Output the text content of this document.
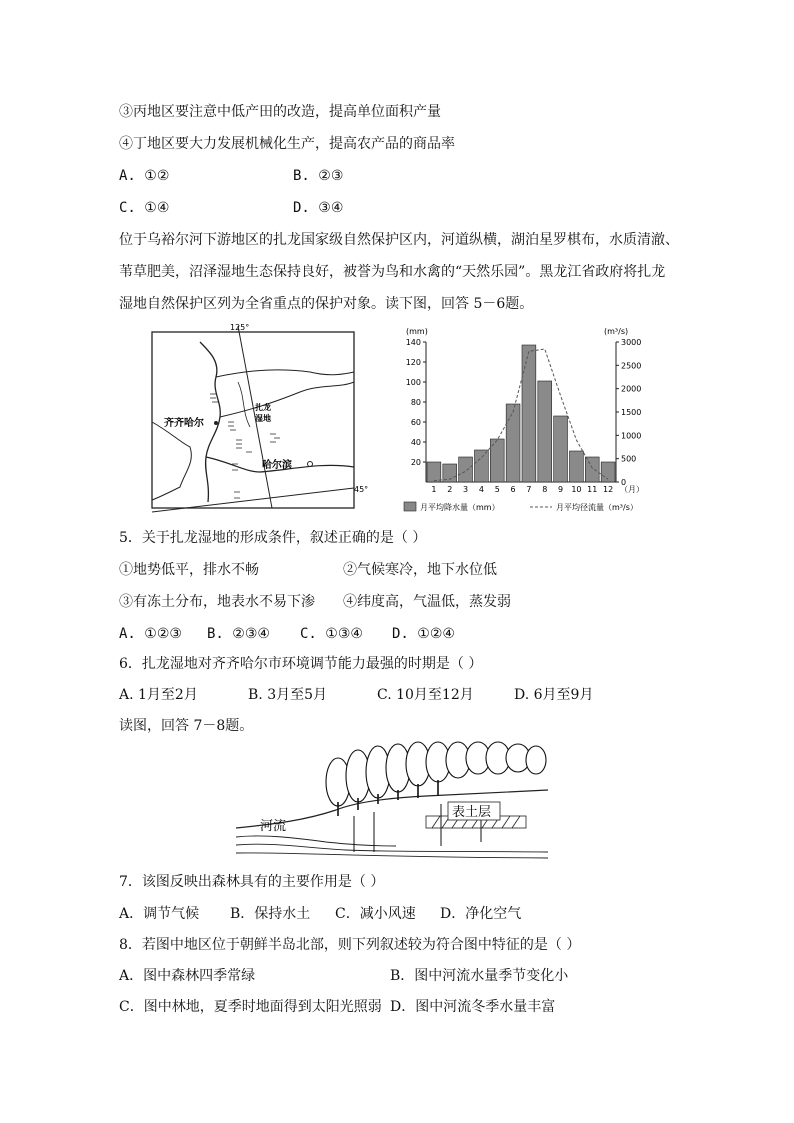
③丙地区要注意中低产田的改造，提高单位面积产量
④丁地区要大力发展机械化生产，提高农产品的商品率
A. ①②	B. ②③
C. ①④	D. ③④
位于乌裕尔河下游地区的扎龙国家级自然保护区内，河道纵横，湖泊星罗棋布，水质清澈、
苇草肥美，沼泽湿地生态保持良好，被誉为鸟和水禽的“天然乐园”。黑龙江省政府将扎龙
湿地自然保护区列为全省重点的保护对象。读下图，回答 5－6题。
125°
45°
齐齐哈尔
扎龙
湿地
哈尔滨
(mm)	(m³/s)
140
120
100
80
60
40
20
3000
2500
2000
1500
1000
500
0
1 2 3 4 5 6 7 8 9 10 11 12 （月）
月平均降水量（mm）	月平均径流量（m³/s）
5．关于扎龙湿地的形成条件，叙述正确的是（ ）
①地势低平，排水不畅	②气候寒冷，地下水位低
③有冻土分布，地表水不易下渗 ④纬度高，气温低，蒸发弱
A. ①②③ B. ②③④ C. ①③④ D. ①②④
6．扎龙湿地对齐齐哈尔市环境调节能力最强的时期是（ ）
A. 1月至2月	B. 3月至5月	C. 10月至12月	D. 6月至9月
读图，回答 7－8题。
表土层
河流
7．该图反映出森林具有的主要作用是（ ）
A．调节气候 B．保持水土 C．减小风速 D．净化空气
8．若图中地区位于朝鲜半岛北部，则下列叙述较为符合图中特征的是（ ）
A．图中森林四季常绿	B．图中河流水量季节变化小
C．图中林地，夏季时地面得到太阳光照弱 D．图中河流冬季水量丰富
